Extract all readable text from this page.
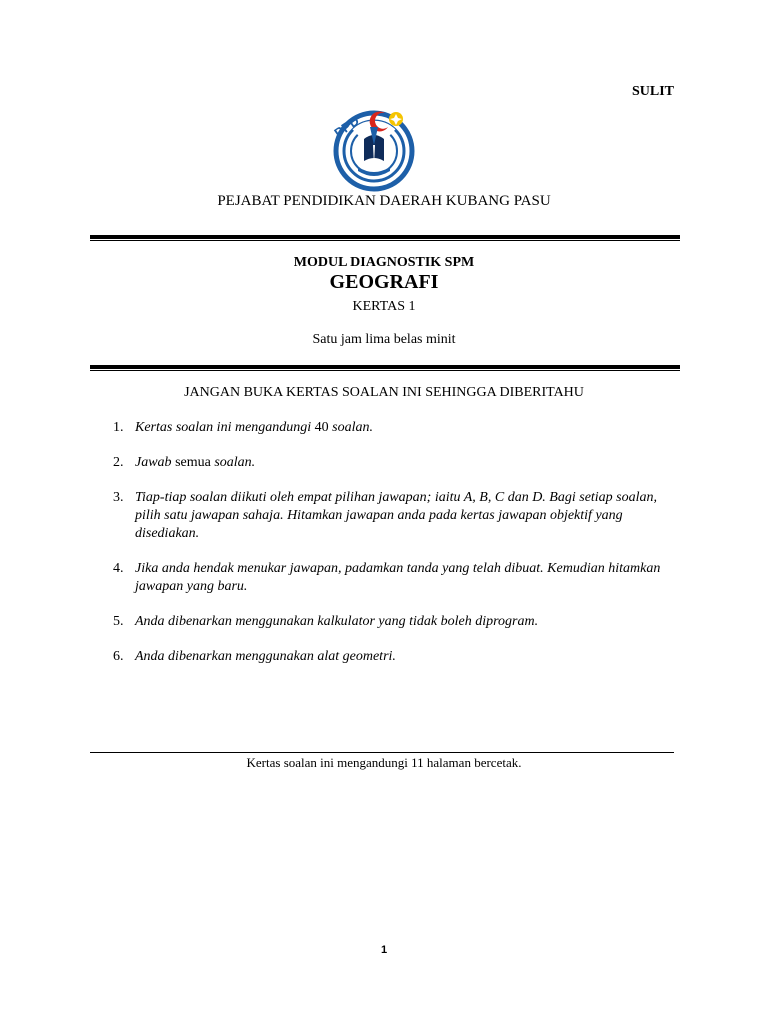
SULIT
PPD
PEJABAT PENDIDIKAN DAERAH KUBANG PASU
MODUL DIAGNOSTIK SPM
GEOGRAFI
KERTAS 1
Satu jam lima belas minit
JANGAN BUKA KERTAS SOALAN INI SEHINGGA DIBERITAHU
1. Kertas soalan ini mengandungi 40 soalan.
2. Jawab semua soalan.
3. Tiap-tiap soalan diikuti oleh empat pilihan jawapan; iaitu A, B, C dan D. Bagi setiap soalan, pilih satu jawapan sahaja. Hitamkan jawapan anda pada kertas jawapan objektif yang disediakan.
4. Jika anda hendak menukar jawapan, padamkan tanda yang telah dibuat. Kemudian hitamkan jawapan yang baru.
5. Anda dibenarkan menggunakan kalkulator yang tidak boleh diprogram.
6. Anda dibenarkan menggunakan alat geometri.
Kertas soalan ini mengandungi 11 halaman bercetak.
1
